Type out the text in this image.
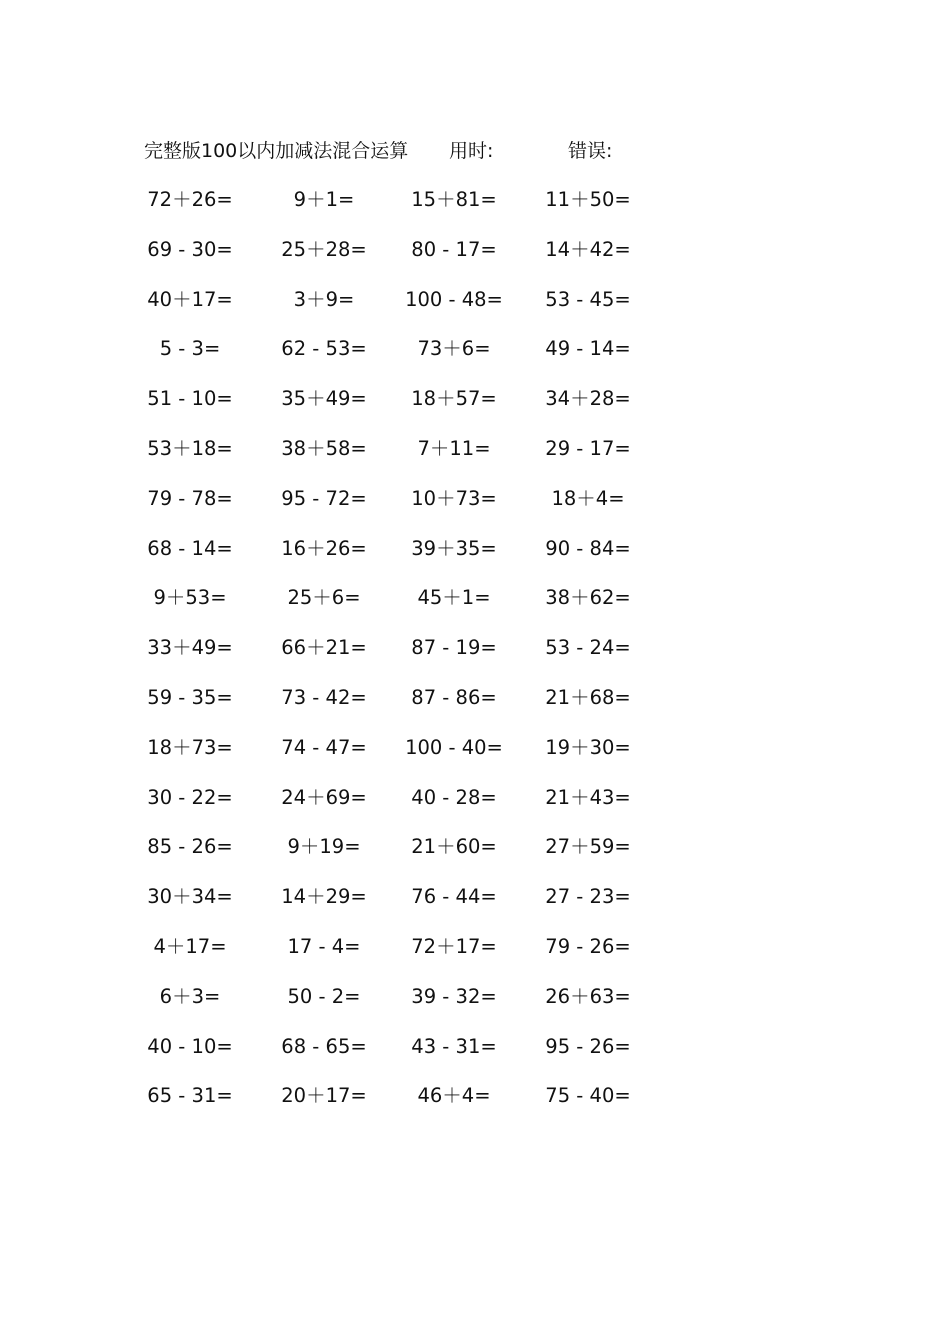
完整版100以内加减法混合运算 用时:	错误:
72＋26=	9＋1=	15＋81= 11＋50=
69 - 30= 25＋28= 80 - 17= 14＋42=
40＋17=	3＋9=	100 - 48= 53 - 45=
5 - 3=	62 - 53=	73＋6=	49 - 14=
51 - 10= 35＋49= 18＋57= 34＋28=
53＋18= 38＋58=	7＋11=	29 - 17=
79 - 78= 95 - 72= 10＋73=	18＋4=
68 - 14= 16＋26= 39＋35= 90 - 84=
9＋53=	25＋6=	45＋1=	38＋62=
33＋49= 66＋21= 87 - 19= 53 - 24=
59 - 35= 73 - 42= 87 - 86= 21＋68=
18＋73= 74 - 47= 100 - 40= 19＋30=
30 - 22= 24＋69= 40 - 28= 21＋43=
85 - 26=	9＋19=	21＋60= 27＋59=
30＋34= 14＋29= 76 - 44= 27 - 23=
4＋17=	17 - 4=	72＋17= 79 - 26=
6＋3=	50 - 2=	39 - 32= 26＋63=
40 - 10= 68 - 65= 43 - 31= 95 - 26=
65 - 31= 20＋17=	46＋4=	75 - 40=
